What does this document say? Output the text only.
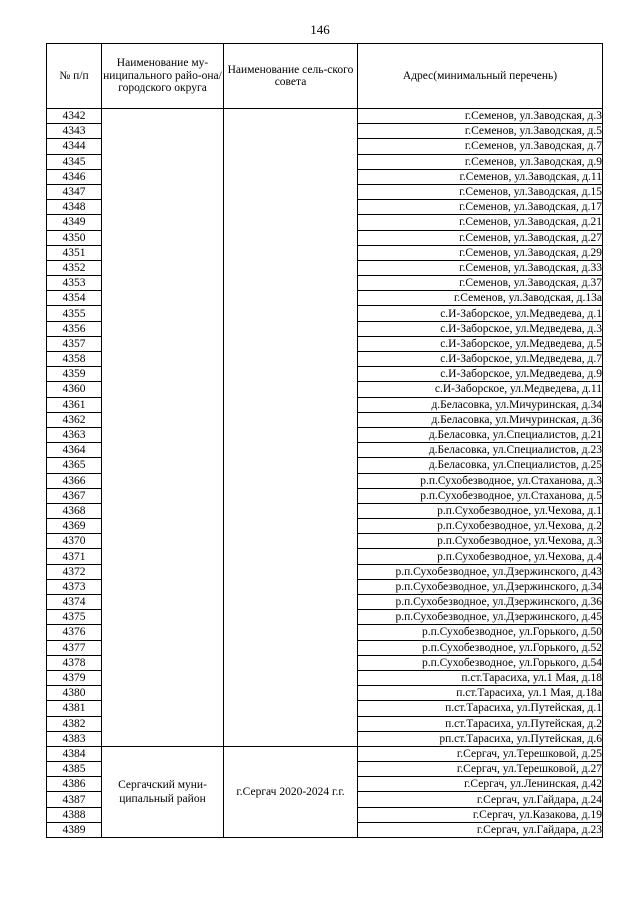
146
№ п/п	Наименование му-ниципального райо-она/ городского округа	Наименование сель-ского совета	Адрес(минимальный перечень)
4342			г.Семенов, ул.Заводская, д.3
4343			г.Семенов, ул.Заводская, д.5
4344			г.Семенов, ул.Заводская, д.7
4345			г.Семенов, ул.Заводская, д.9
4346			г.Семенов, ул.Заводская, д.11
4347			г.Семенов, ул.Заводская, д.15
4348			г.Семенов, ул.Заводская, д.17
4349			г.Семенов, ул.Заводская, д.21
4350			г.Семенов, ул.Заводская, д.27
4351			г.Семенов, ул.Заводская, д.29
4352			г.Семенов, ул.Заводская, д.33
4353			г.Семенов, ул.Заводская, д.37
4354			г.Семенов, ул.Заводская, д.13а
4355			с.И-Заборское, ул.Медведева, д.1
4356			с.И-Заборское, ул.Медведева, д.3
4357			с.И-Заборское, ул.Медведева, д.5
4358			с.И-Заборское, ул.Медведева, д.7
4359			с.И-Заборское, ул.Медведева, д.9
4360			с.И-Заборское, ул.Медведева, д.11
4361			д.Беласовка, ул.Мичуринская, д.34
4362			д.Беласовка, ул.Мичуринская, д.36
4363			д.Беласовка, ул.Специалистов, д.21
4364			д.Беласовка, ул.Специалистов, д.23
4365			д.Беласовка, ул.Специалистов, д.25
4366			р.п.Сухобезводное, ул.Стаханова, д.3
4367			р.п.Сухобезводное, ул.Стаханова, д.5
4368			р.п.Сухобезводное, ул.Чехова, д.1
4369			р.п.Сухобезводное, ул.Чехова, д.2
4370			р.п.Сухобезводное, ул.Чехова, д.3
4371			р.п.Сухобезводное, ул.Чехова, д.4
4372			р.п.Сухобезводное, ул.Дзержинского, д.43
4373			р.п.Сухобезводное, ул.Дзержинского, д.34
4374			р.п.Сухобезводное, ул.Дзержинского, д.36
4375			р.п.Сухобезводное, ул.Дзержинского, д.45
4376			р.п.Сухобезводное, ул.Горького, д.50
4377			р.п.Сухобезводное, ул.Горького, д.52
4378			р.п.Сухобезводное, ул.Горького, д.54
4379			п.ст.Тарасиха, ул.1 Мая, д.18
4380			п.ст.Тарасиха, ул.1 Мая, д.18а
4381			п.ст.Тарасиха, ул.Путейская, д.1
4382			п.ст.Тарасиха, ул.Путейская, д.2
4383			рп.ст.Тарасиха, ул.Путейская, д.6
4384	Сергачский муни-ципальный район	г.Сергач 2020-2024 г.г.	г.Сергач, ул.Терешковой, д.25
4385			г.Сергач, ул.Терешковой, д.27
4386			г.Сергач, ул.Ленинская, д.42
4387			г.Сергач, ул.Гайдара, д.24
4388			г.Сергач, ул.Казакова, д.19
4389			г.Сергач, ул.Гайдара, д.23
